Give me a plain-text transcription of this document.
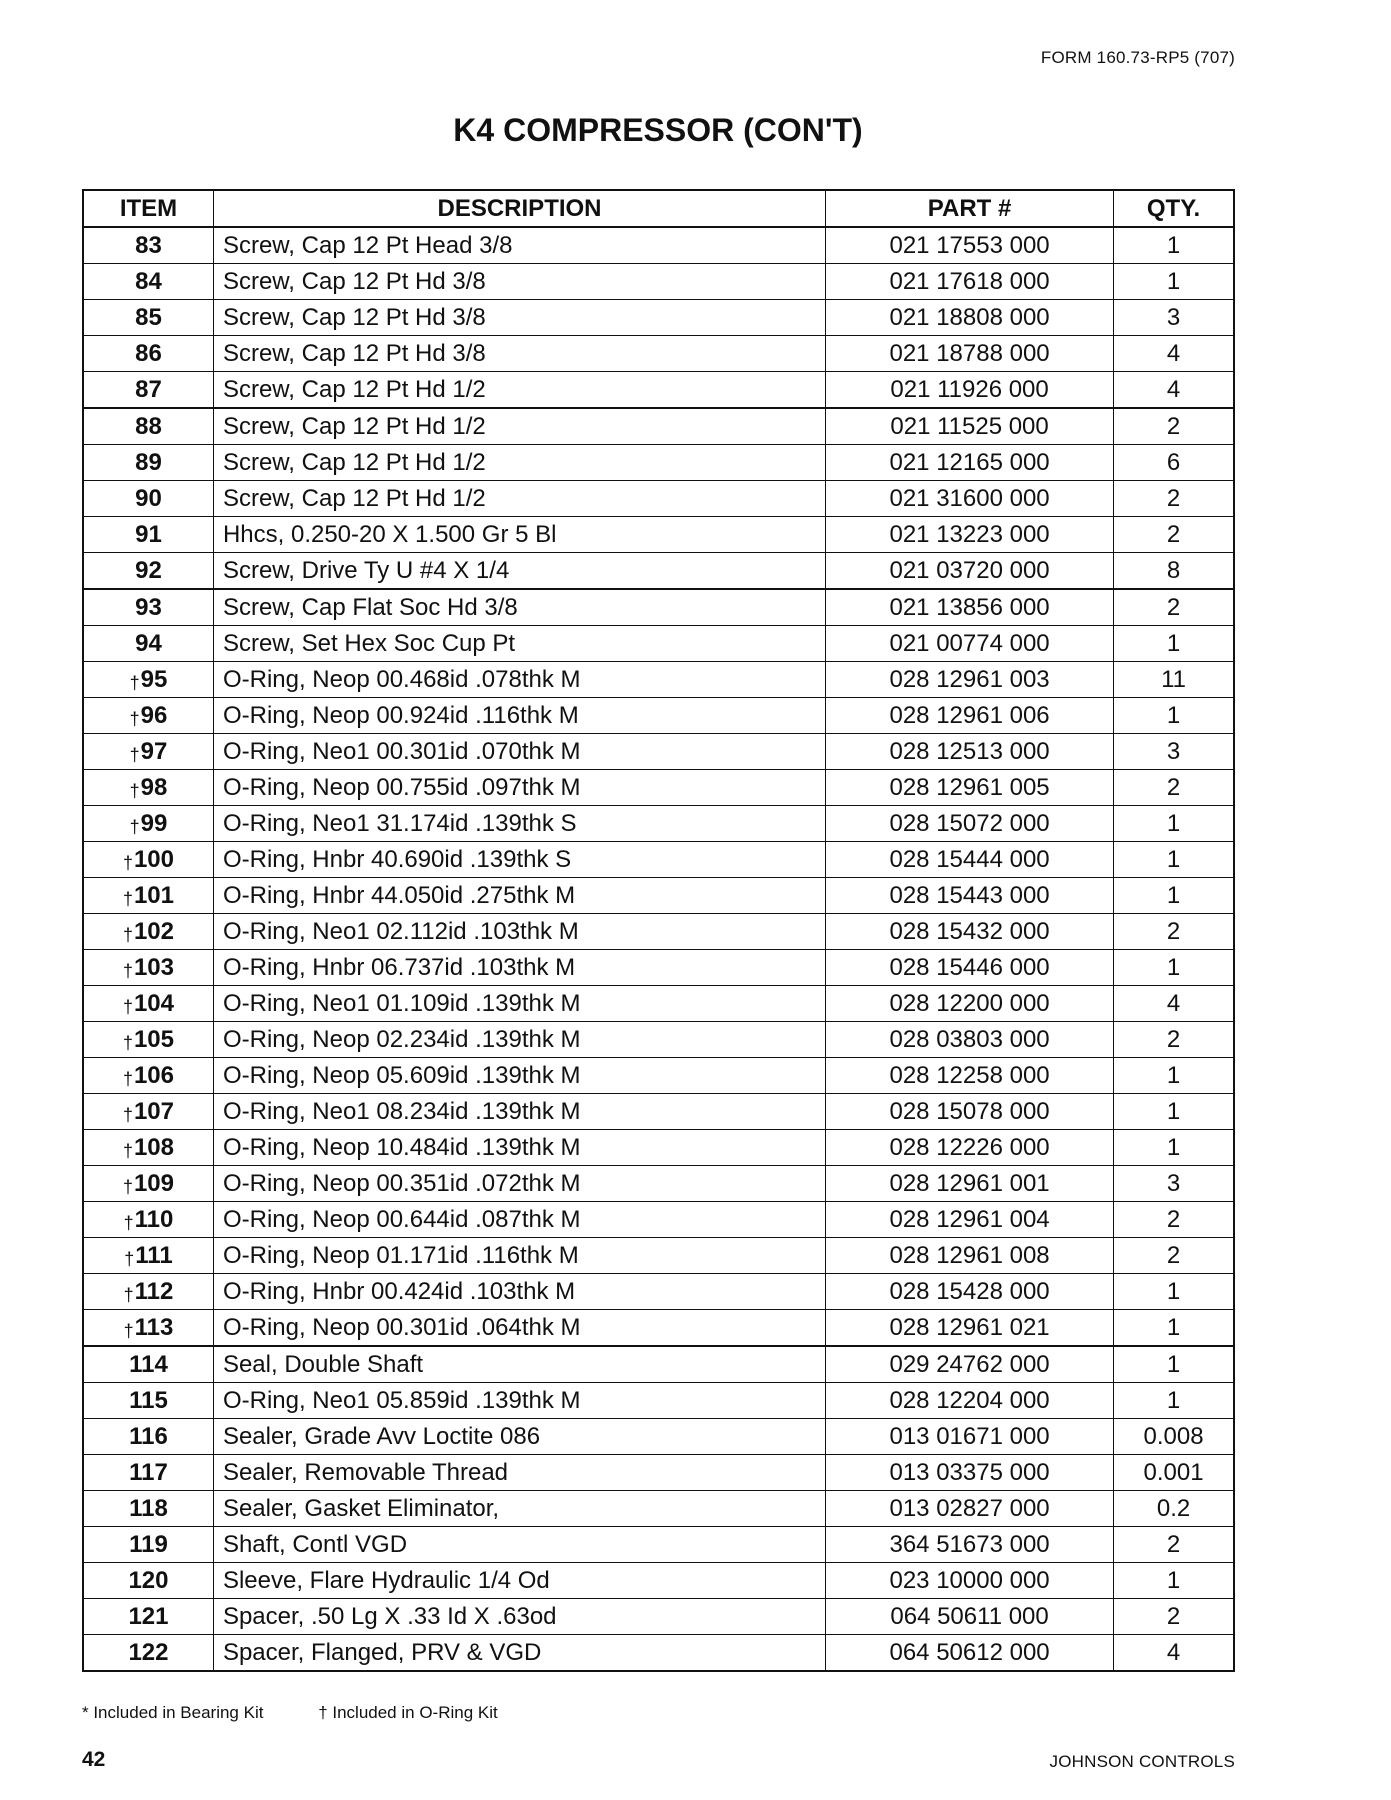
FORM 160.73-RP5 (707)
K4 COMPRESSOR (CON'T)
ITEM	DESCRIPTION	PART #	QTY.
83	Screw, Cap 12 Pt Head 3/8	021 17553 000	1
84	Screw, Cap 12 Pt Hd 3/8	021 17618 000	1
85	Screw, Cap 12 Pt Hd 3/8	021 18808 000	3
86	Screw, Cap 12 Pt Hd 3/8	021 18788 000	4
87	Screw, Cap 12 Pt Hd 1/2	021 11926 000	4
88	Screw, Cap 12 Pt Hd 1/2	021 11525 000	2
89	Screw, Cap 12 Pt Hd 1/2	021 12165 000	6
90	Screw, Cap 12 Pt Hd 1/2	021 31600 000	2
91	Hhcs, 0.250-20 X 1.500 Gr 5 Bl	021 13223 000	2
92	Screw, Drive Ty U #4 X 1/4	021 03720 000	8
93	Screw, Cap Flat Soc Hd 3/8	021 13856 000	2
94	Screw, Set Hex Soc Cup Pt	021 00774 000	1
†95	O-Ring, Neop 00.468id .078thk M	028 12961 003	11
†96	O-Ring, Neop 00.924id .116thk M	028 12961 006	1
†97	O-Ring, Neo1 00.301id .070thk M	028 12513 000	3
†98	O-Ring, Neop 00.755id .097thk M	028 12961 005	2
†99	O-Ring, Neo1 31.174id .139thk S	028 15072 000	1
†100	O-Ring, Hnbr 40.690id .139thk S	028 15444 000	1
†101	O-Ring, Hnbr 44.050id .275thk M	028 15443 000	1
†102	O-Ring, Neo1 02.112id .103thk M	028 15432 000	2
†103	O-Ring, Hnbr 06.737id .103thk M	028 15446 000	1
†104	O-Ring, Neo1 01.109id .139thk M	028 12200 000	4
†105	O-Ring, Neop 02.234id .139thk M	028 03803 000	2
†106	O-Ring, Neop 05.609id .139thk M	028 12258 000	1
†107	O-Ring, Neo1 08.234id .139thk M	028 15078 000	1
†108	O-Ring, Neop 10.484id .139thk M	028 12226 000	1
†109	O-Ring, Neop 00.351id .072thk M	028 12961 001	3
†110	O-Ring, Neop 00.644id .087thk M	028 12961 004	2
†111	O-Ring, Neop 01.171id .116thk M	028 12961 008	2
†112	O-Ring, Hnbr 00.424id .103thk M	028 15428 000	1
†113	O-Ring, Neop 00.301id .064thk M	028 12961 021	1
114	Seal, Double Shaft	029 24762 000	1
115	O-Ring, Neo1 05.859id .139thk M	028 12204 000	1
116	Sealer, Grade Avv Loctite 086	013 01671 000	0.008
117	Sealer, Removable Thread	013 03375 000	0.001
118	Sealer, Gasket Eliminator,	013 02827 000	0.2
119	Shaft, Contl VGD	364 51673 000	2
120	Sleeve, Flare Hydraulic 1/4 Od	023 10000 000	1
121	Spacer, .50 Lg X .33 Id X .63od	064 50611 000	2
122	Spacer, Flanged, PRV & VGD	064 50612 000	4
* Included in Bearing Kit	† Included in O-Ring Kit
42	JOHNSON CONTROLS
